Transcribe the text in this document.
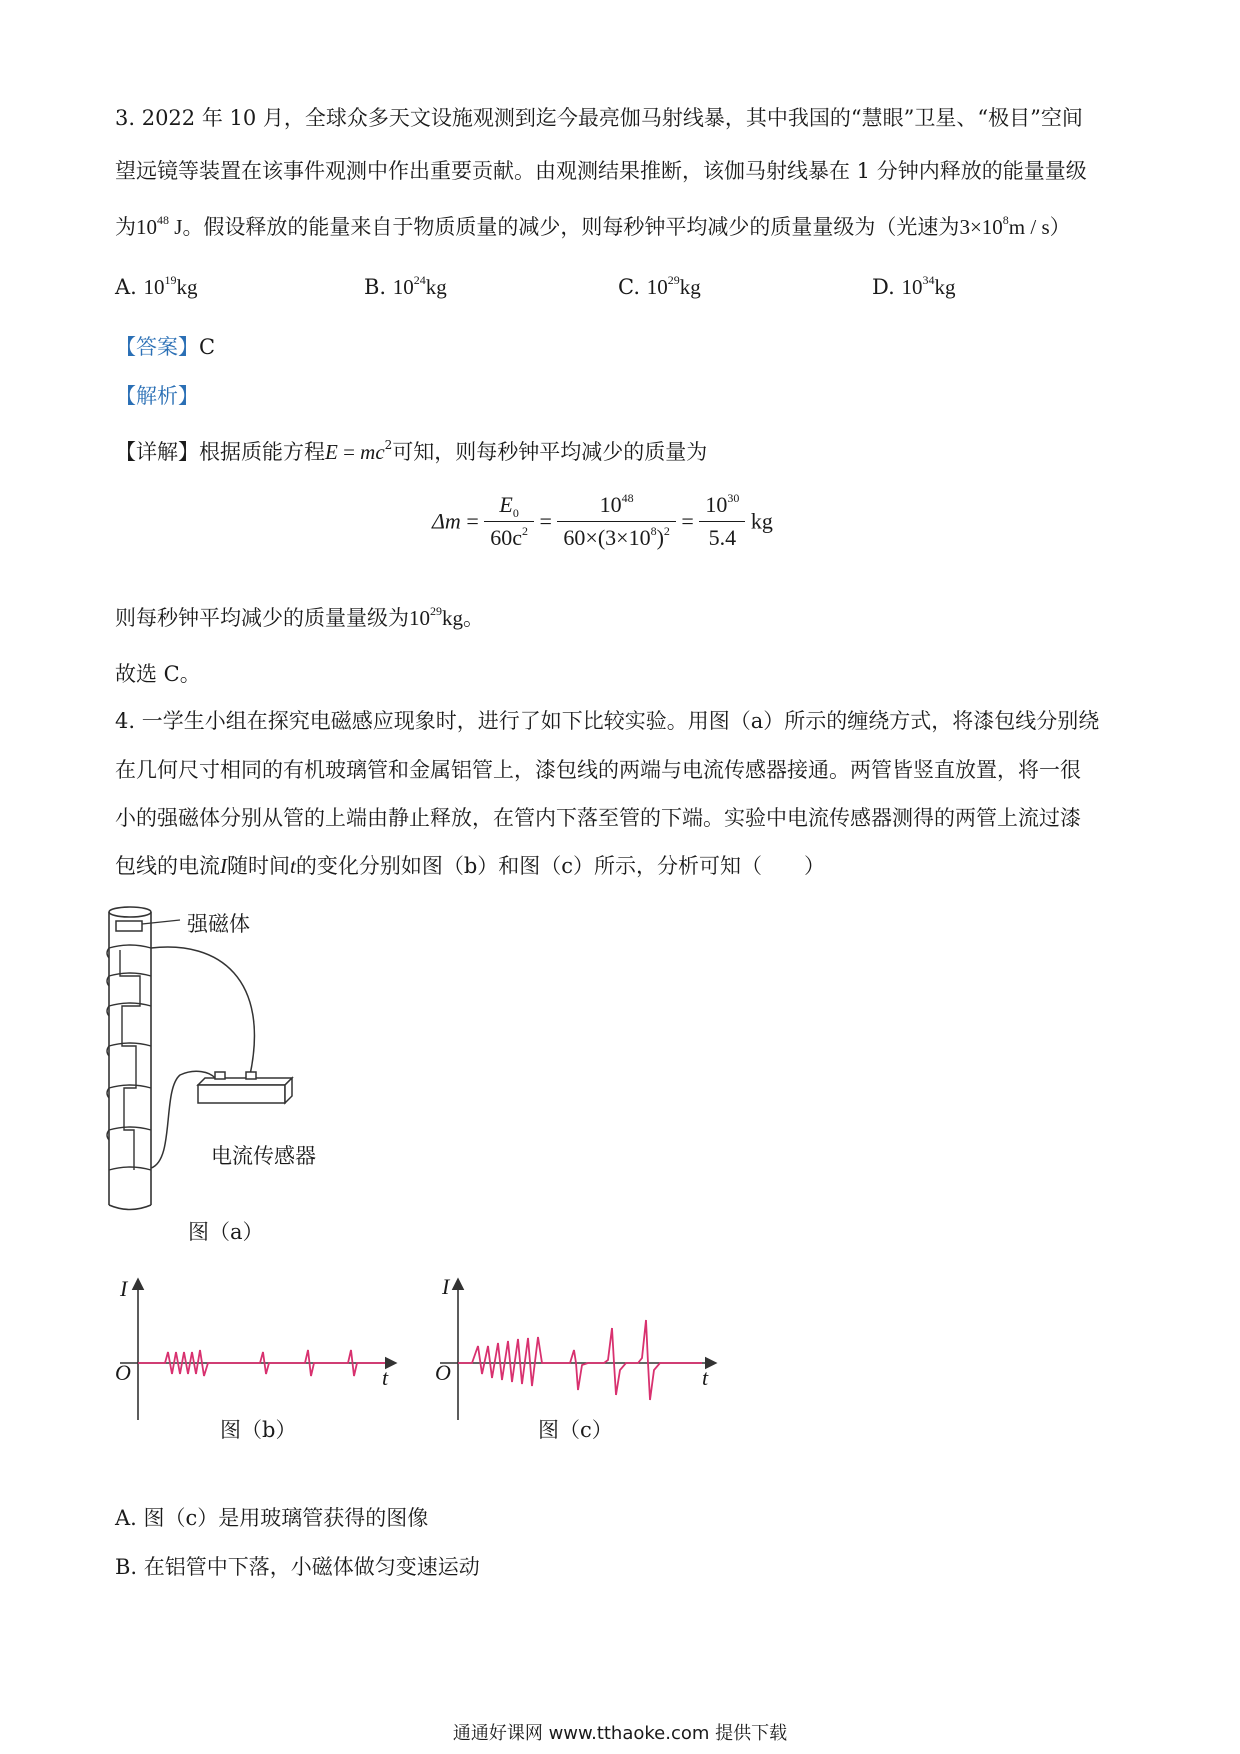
3. 2022 年 10 月，全球众多天文设施观测到迄今最亮伽马射线暴，其中我国的“慧眼”卫星、“极目”空间
望远镜等装置在该事件观测中作出重要贡献。由观测结果推断，该伽马射线暴在 1 分钟内释放的能量量级
为$10^{48}$ J。假设释放的能量来自于物质质量的减少，则每秒钟平均减少的质量量级为（光速为$3\times 10^8m / s$）
A. $10^{19}kg$	B. $10^{24}kg$	C. $10^{29}kg$	D. $10^{34}kg$
【答案】C
【解析】
【详解】根据质能方程$E = mc^2$可知，则每秒钟平均减少的质量为
$\Delta m = \frac{E_0}{60c^2} = \frac{10^{48}}{60\times(3\times 10^8)^2} = \frac{10^{30}}{5.4}$ kg
则每秒钟平均减少的质量量级为$10^{29}kg$。
故选 C。
4. 一学生小组在探究电磁感应现象时，进行了如下比较实验。用图（a）所示的缠绕方式，将漆包线分别绕
在几何尺寸相同的有机玻璃管和金属铝管上，漆包线的两端与电流传感器接通。两管皆竖直放置，将一很
小的强磁体分别从管的上端由静止释放，在管内下落至管的下端。实验中电流传感器测得的两管上流过漆
包线的电流I随时间t的变化分别如图（b）和图（c）所示，分析可知（　　）
强磁体
电流传感器
图（a）
I
t
O
图（b）
I
t
O
图（c）
A. 图（c）是用玻璃管获得的图像
B. 在铝管中下落，小磁体做匀变速运动
通通好课网 www.tthaoke.com 提供下载
